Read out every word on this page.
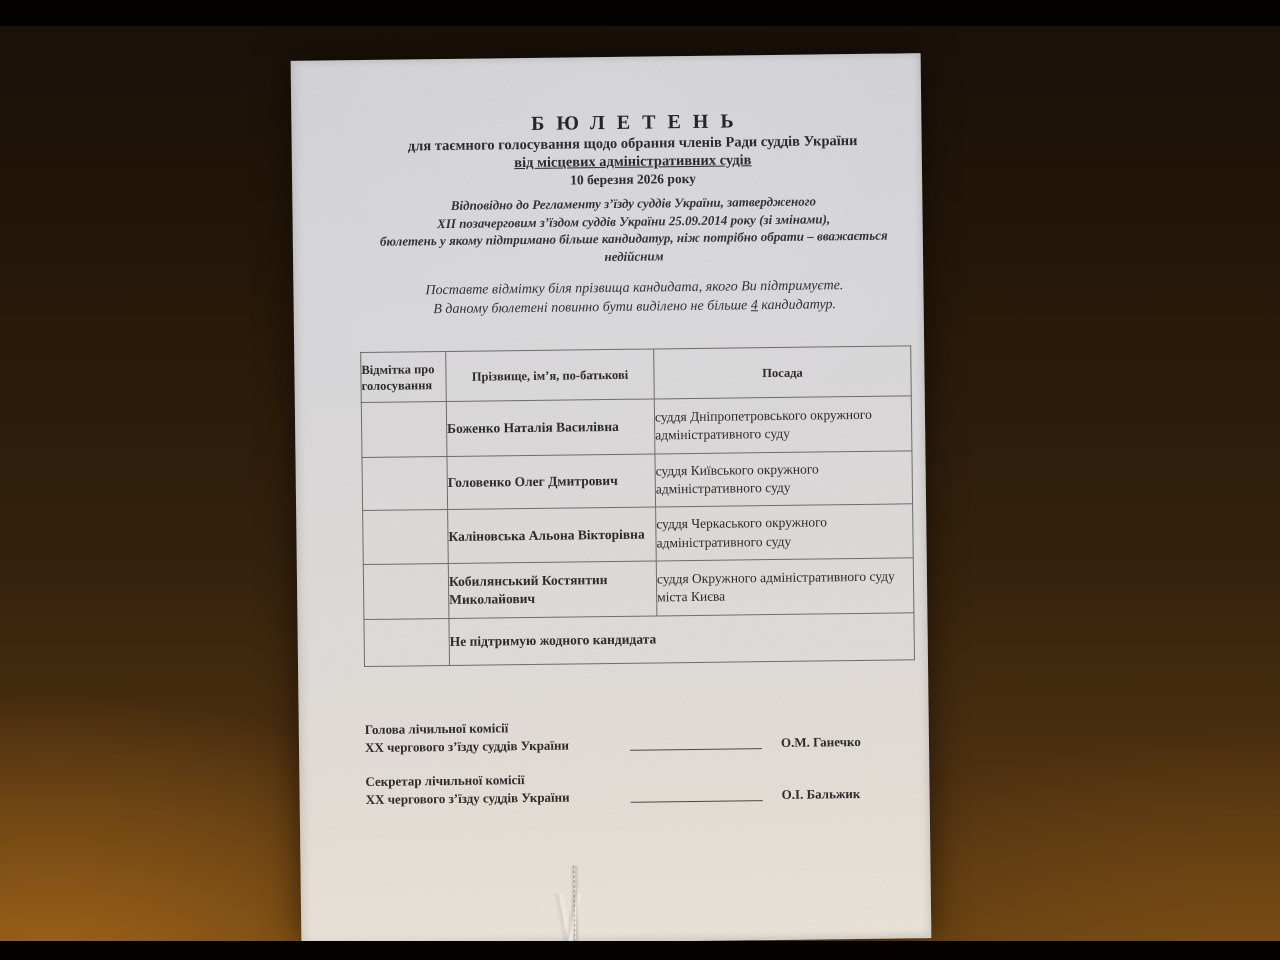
БЮЛЕТЕНЬ
для таємного голосування щодо обрання членів Ради суддів України
від місцевих адміністративних судів
10 березня 2026 року
Відповідно до Регламенту з’їзду суддів України, затвердженого
XII позачерговим з’їздом суддів України 25.09.2014 року (зі змінами),
бюлетень у якому підтримано більше кандидатур, ніж потрібно обрати – вважається
недійсним
Поставте відмітку біля прізвища кандидата, якого Ви підтримуєте.
В даному бюлетені повинно бути виділено не більше 4 кандидатур.
Відмітка про голосування	Прізвище, ім’я, по-батькові	Посада
	Боженко Наталія Василівна	суддя Дніпропетровського окружного адміністративного суду
	Головенко Олег Дмитрович	суддя Київського окружного адміністративного суду
	Каліновська Альона Вікторівна	суддя Черкаського окружного адміністративного суду
	Кобилянський Костянтин Миколайович	суддя Окружного адміністративного суду міста Києва
	Не підтримую жодного кандидата	
Голова лічильної комісії
XX чергового з’їзду суддів України	О.М. Ганечко
Секретар лічильної комісії
XX чергового з’їзду суддів України	О.І. Бальжик
